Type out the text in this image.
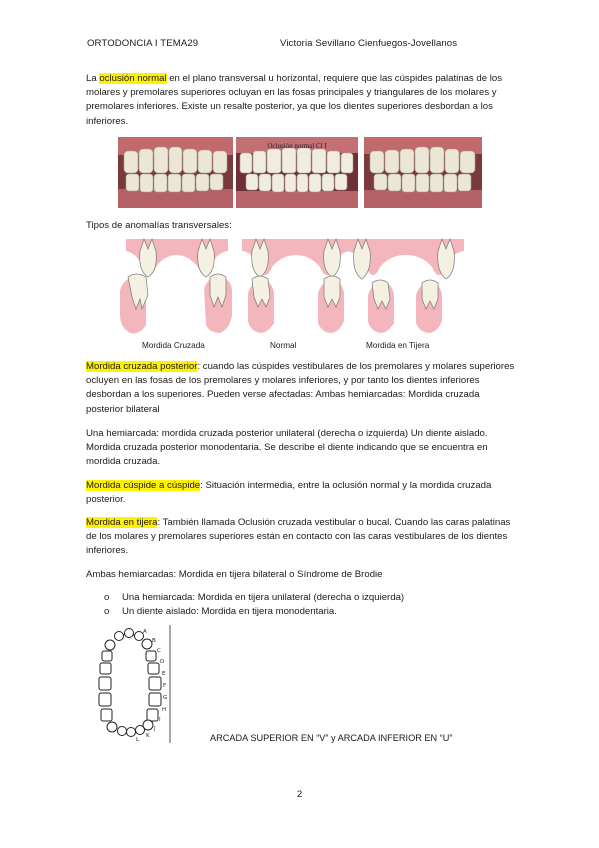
ORTODONCIA I TEMA29	Victoria Sevillano Cienfuegos-Jovellanos

La oclusión normal en el plano transversal u horizontal, requiere que las cúspides palatinas de los molares y premolares superiores ocluyan en las fosas principales y triangulares de los molares y premolares inferiores. Existe un resalte posterior, ya que los dientes superiores desbordan a los inferiores.

Oclusión normal Cl I

Tipos de anomalías transversales:

Mordida Cruzada	Normal	Mordida en Tijera

Mordida cruzada posterior: cuando las cúspides vestibulares de los premolares y molares superiores ocluyen en las fosas de los premolares y molares inferiores, y por tanto los dientes inferiores desbordan a los superiores. Pueden verse afectadas: Ambas hemiarcadas: Mordida cruzada posterior bilateral

Una hemiarcada: mordida cruzada posterior unilateral (derecha o izquierda) Un diente aislado. Mordida cruzada posterior monodentaria. Se describe el diente indicando que se encuentra en mordida cruzada.

Mordida cúspide a cúspide: Situación intermedia, entre la oclusión normal y la mordida cruzada posterior.

Mordida en tijera: También llamada Oclusión cruzada vestibular o bucal. Cuando las caras palatinas de los molares y premolares superiores están en contacto con las caras vestibulares de los dientes inferiores.

Ambas hemiarcadas: Mordida en tijera bilateral o Síndrome de Brodie

o Una hemiarcada: Mordida en tijera unilateral (derecha o izquierda)
o Un diente aislado: Mordida en tijera monodentaria.
A
B
C
D
E
F
G
H
I
J
K
L	ARCADA SUPERIOR EN “V” y ARCADA INFERIOR EN “U”
2
